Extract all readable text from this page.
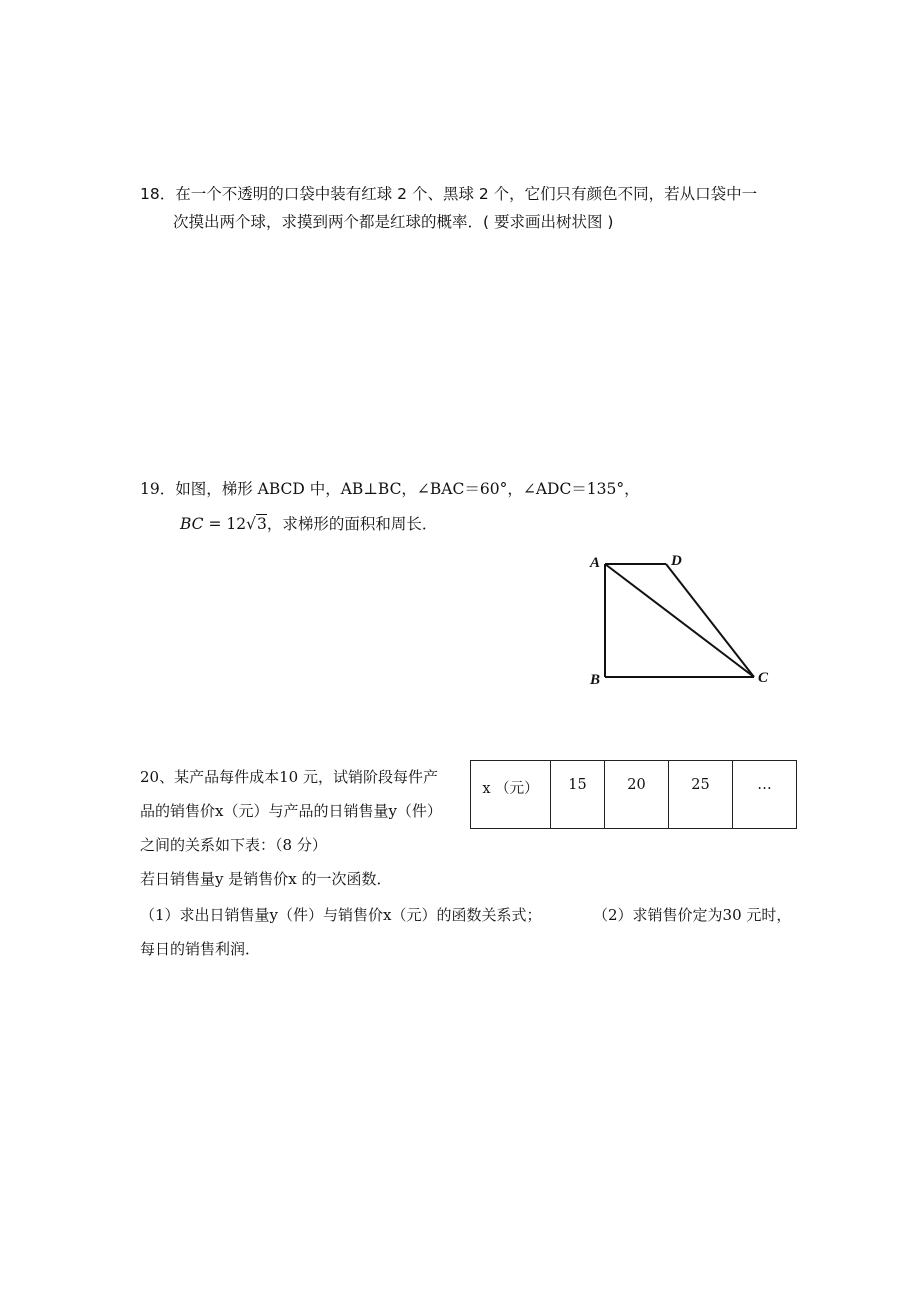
18．在一个不透明的口袋中装有红球 2 个、黑球 2 个，它们只有颜色不同，若从口袋中一
次摸出两个球，求摸到两个都是红球的概率．( 要求画出树状图 )
19．如图，梯形 ABCD 中，AB⊥BC，∠BAC＝60°，∠ADC＝135°，
BC = 12√3，求梯形的面积和周长．
A	D
B	C
20、某产品每件成本10 元，试销阶段每件产
品的销售价x（元）与产品的日销售量y（件）
之间的关系如下表：（8 分）
若日销售量y 是销售价x 的一次函数．
（1）求出日销售量y（件）与销售价x（元）的函数关系式；	（2）求销售价定为30 元时，
每日的销售利润．
x （元）	15	20	25	…
